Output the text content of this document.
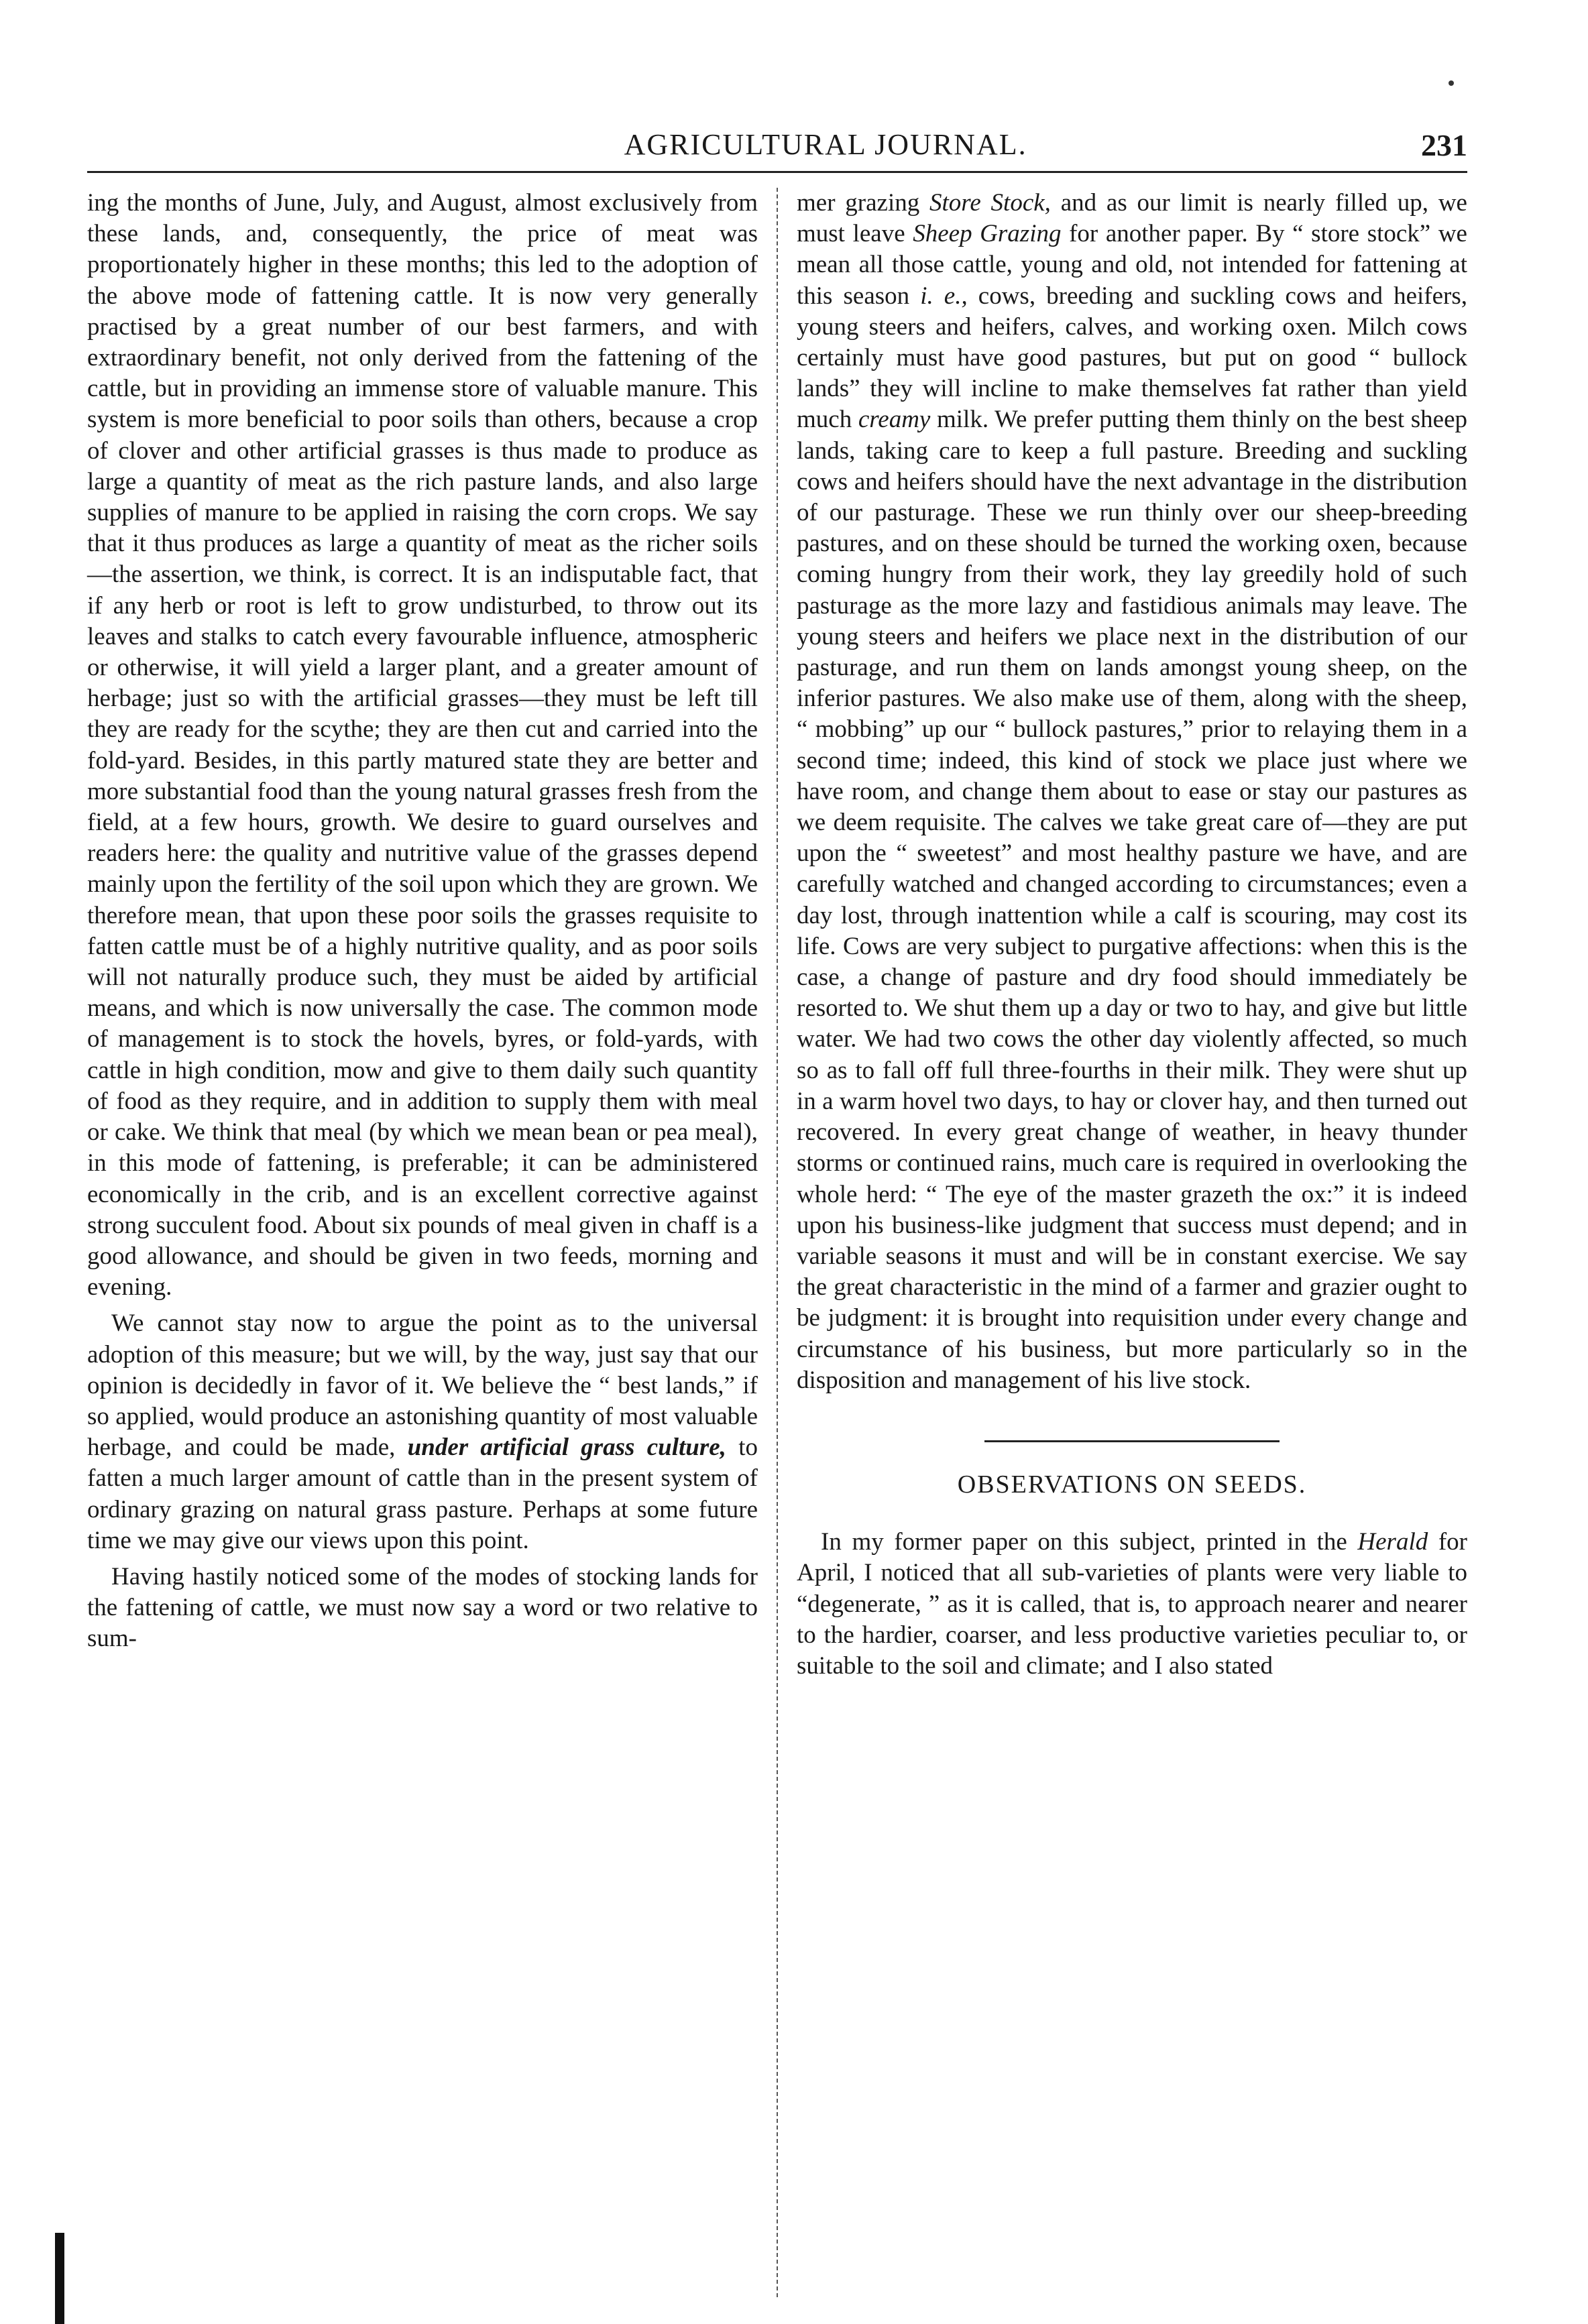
AGRICULTURAL JOURNAL.	231

ing the months of June, July, and August, almost exclusively from these lands, and, consequently, the price of meat was proportionately higher in these months; this led to the adoption of the above mode of fattening cattle. It is now very generally practised by a great number of our best farmers, and with extraordinary benefit, not only derived from the fattening of the cattle, but in providing an immense store of valuable manure. This system is more beneficial to poor soils than others, because a crop of clover and other artificial grasses is thus made to produce as large a quantity of meat as the rich pasture lands, and also large supplies of manure to be applied in raising the corn crops. We say that it thus produces as large a quantity of meat as the richer soils—the assertion, we think, is correct. It is an indisputable fact, that if any herb or root is left to grow undisturbed, to throw out its leaves and stalks to catch every favourable influence, atmospheric or otherwise, it will yield a larger plant, and a greater amount of herbage; just so with the artificial grasses—they must be left till they are ready for the scythe; they are then cut and carried into the fold-yard. Besides, in this partly matured state they are better and more substantial food than the young natural grasses fresh from the field, at a few hours, growth. We desire to guard ourselves and readers here: the quality and nutritive value of the grasses depend mainly upon the fertility of the soil upon which they are grown. We therefore mean, that upon these poor soils the grasses requisite to fatten cattle must be of a highly nutritive quality, and as poor soils will not naturally produce such, they must be aided by artificial means, and which is now universally the case. The common mode of management is to stock the hovels, byres, or fold-yards, with cattle in high condition, mow and give to them daily such quantity of food as they require, and in addition to supply them with meal or cake. We think that meal (by which we mean bean or pea meal), in this mode of fattening, is preferable; it can be administered economically in the crib, and is an excellent corrective against strong succulent food. About six pounds of meal given in chaff is a good allowance, and should be given in two feeds, morning and evening.

We cannot stay now to argue the point as to the universal adoption of this measure; but we will, by the way, just say that our opinion is decidedly in favor of it. We believe the “ best lands,” if so applied, would produce an astonishing quantity of most valuable herbage, and could be made, under artificial grass culture, to fatten a much larger amount of cattle than in the present system of ordinary grazing on natural grass pasture. Perhaps at some future time we may give our views upon this point.

Having hastily noticed some of the modes of stocking lands for the fattening of cattle, we must now say a word or two relative to sum-

mer grazing Store Stock, and as our limit is nearly filled up, we must leave Sheep Grazing for another paper. By “ store stock” we mean all those cattle, young and old, not intended for fattening at this season i. e., cows, breeding and suckling cows and heifers, young steers and heifers, calves, and working oxen. Milch cows certainly must have good pastures, but put on good “ bullock lands” they will incline to make themselves fat rather than yield much creamy milk. We prefer putting them thinly on the best sheep lands, taking care to keep a full pasture. Breeding and suckling cows and heifers should have the next advantage in the distribution of our pasturage. These we run thinly over our sheep-breeding pastures, and on these should be turned the working oxen, because coming hungry from their work, they lay greedily hold of such pasturage as the more lazy and fastidious animals may leave. The young steers and heifers we place next in the distribution of our pasturage, and run them on lands amongst young sheep, on the inferior pastures. We also make use of them, along with the sheep, “ mobbing” up our “ bullock pastures,” prior to relaying them in a second time; indeed, this kind of stock we place just where we have room, and change them about to ease or stay our pastures as we deem requisite. The calves we take great care of—they are put upon the “ sweetest” and most healthy pasture we have, and are carefully watched and changed according to circumstances; even a day lost, through inattention while a calf is scouring, may cost its life. Cows are very subject to purgative affections: when this is the case, a change of pasture and dry food should immediately be resorted to. We shut them up a day or two to hay, and give but little water. We had two cows the other day violently affected, so much so as to fall off full three-fourths in their milk. They were shut up in a warm hovel two days, to hay or clover hay, and then turned out recovered. In every great change of weather, in heavy thunder storms or continued rains, much care is required in overlooking the whole herd: “ The eye of the master grazeth the ox:” it is indeed upon his business-like judgment that success must depend; and in variable seasons it must and will be in constant exercise. We say the great characteristic in the mind of a farmer and grazier ought to be judgment: it is brought into requisition under every change and circumstance of his business, but more particularly so in the disposition and management of his live stock.

OBSERVATIONS ON SEEDS.

In my former paper on this subject, printed in the Herald for April, I noticed that all sub-varieties of plants were very liable to “degenerate, ” as it is called, that is, to approach nearer and nearer to the hardier, coarser, and less productive varieties peculiar to, or suitable to the soil and climate; and I also stated
